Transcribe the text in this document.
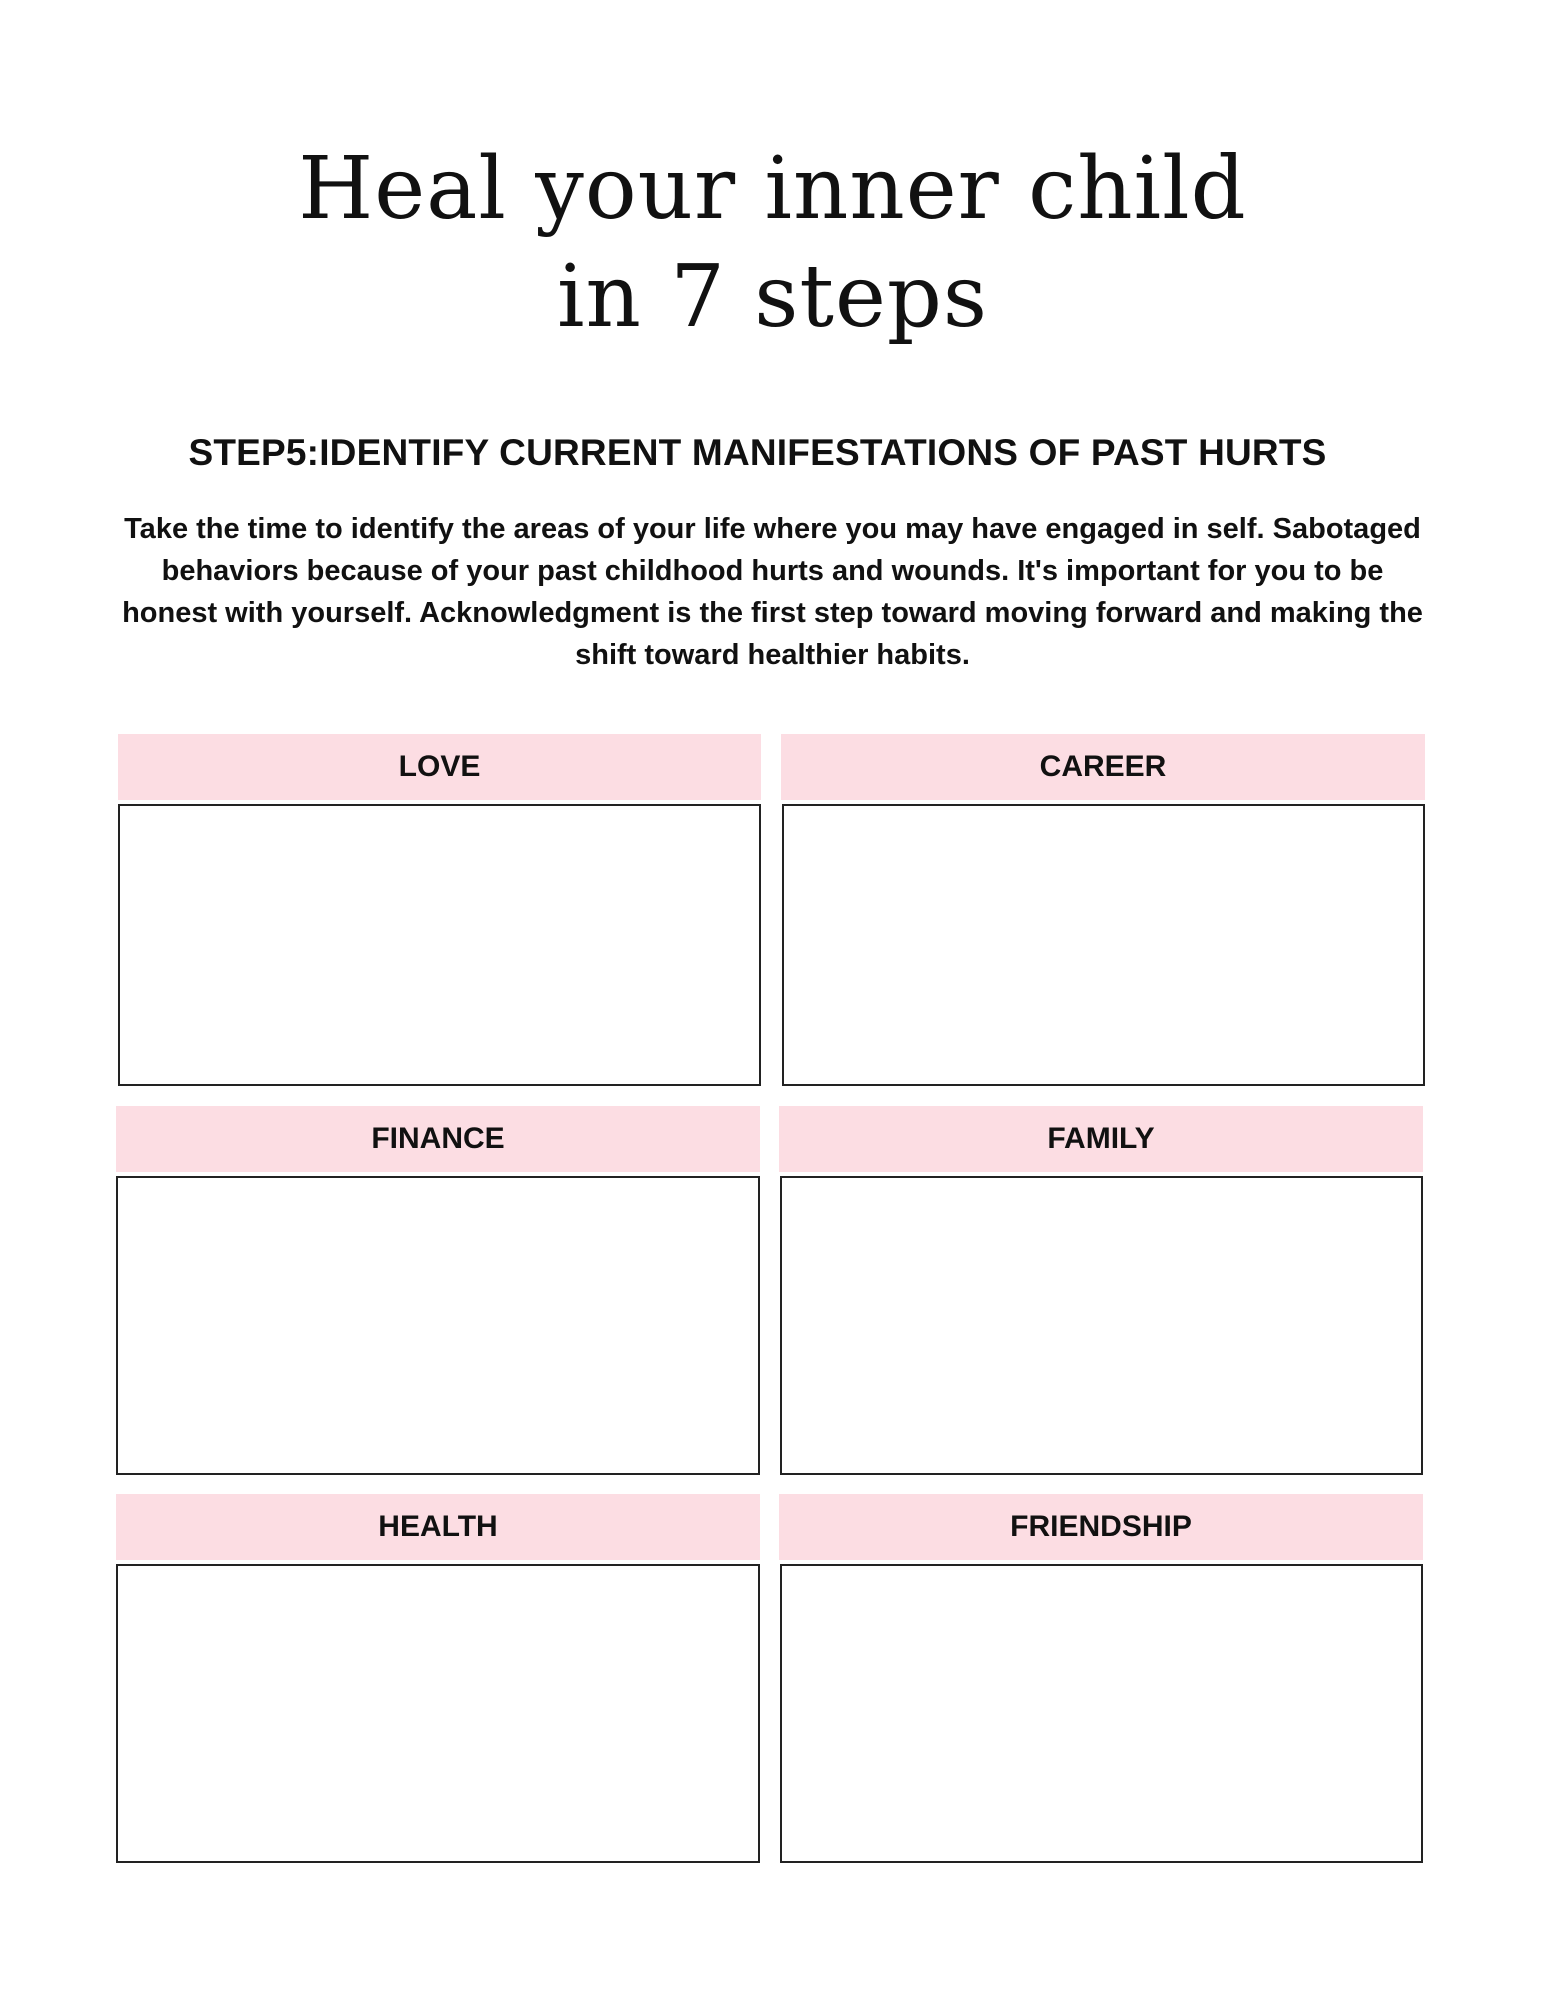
Heal your inner child
in 7 steps
STEP5:IDENTIFY CURRENT MANIFESTATIONS OF PAST HURTS
Take the time to identify the areas of your life where you may have engaged in self. Sabotaged behaviors because of your past childhood hurts and wounds. It's important for you to be honest with yourself. Acknowledgment is the first step toward moving forward and making the shift toward healthier habits.
LOVE	CAREER
FINANCE	FAMILY
HEALTH	FRIENDSHIP
